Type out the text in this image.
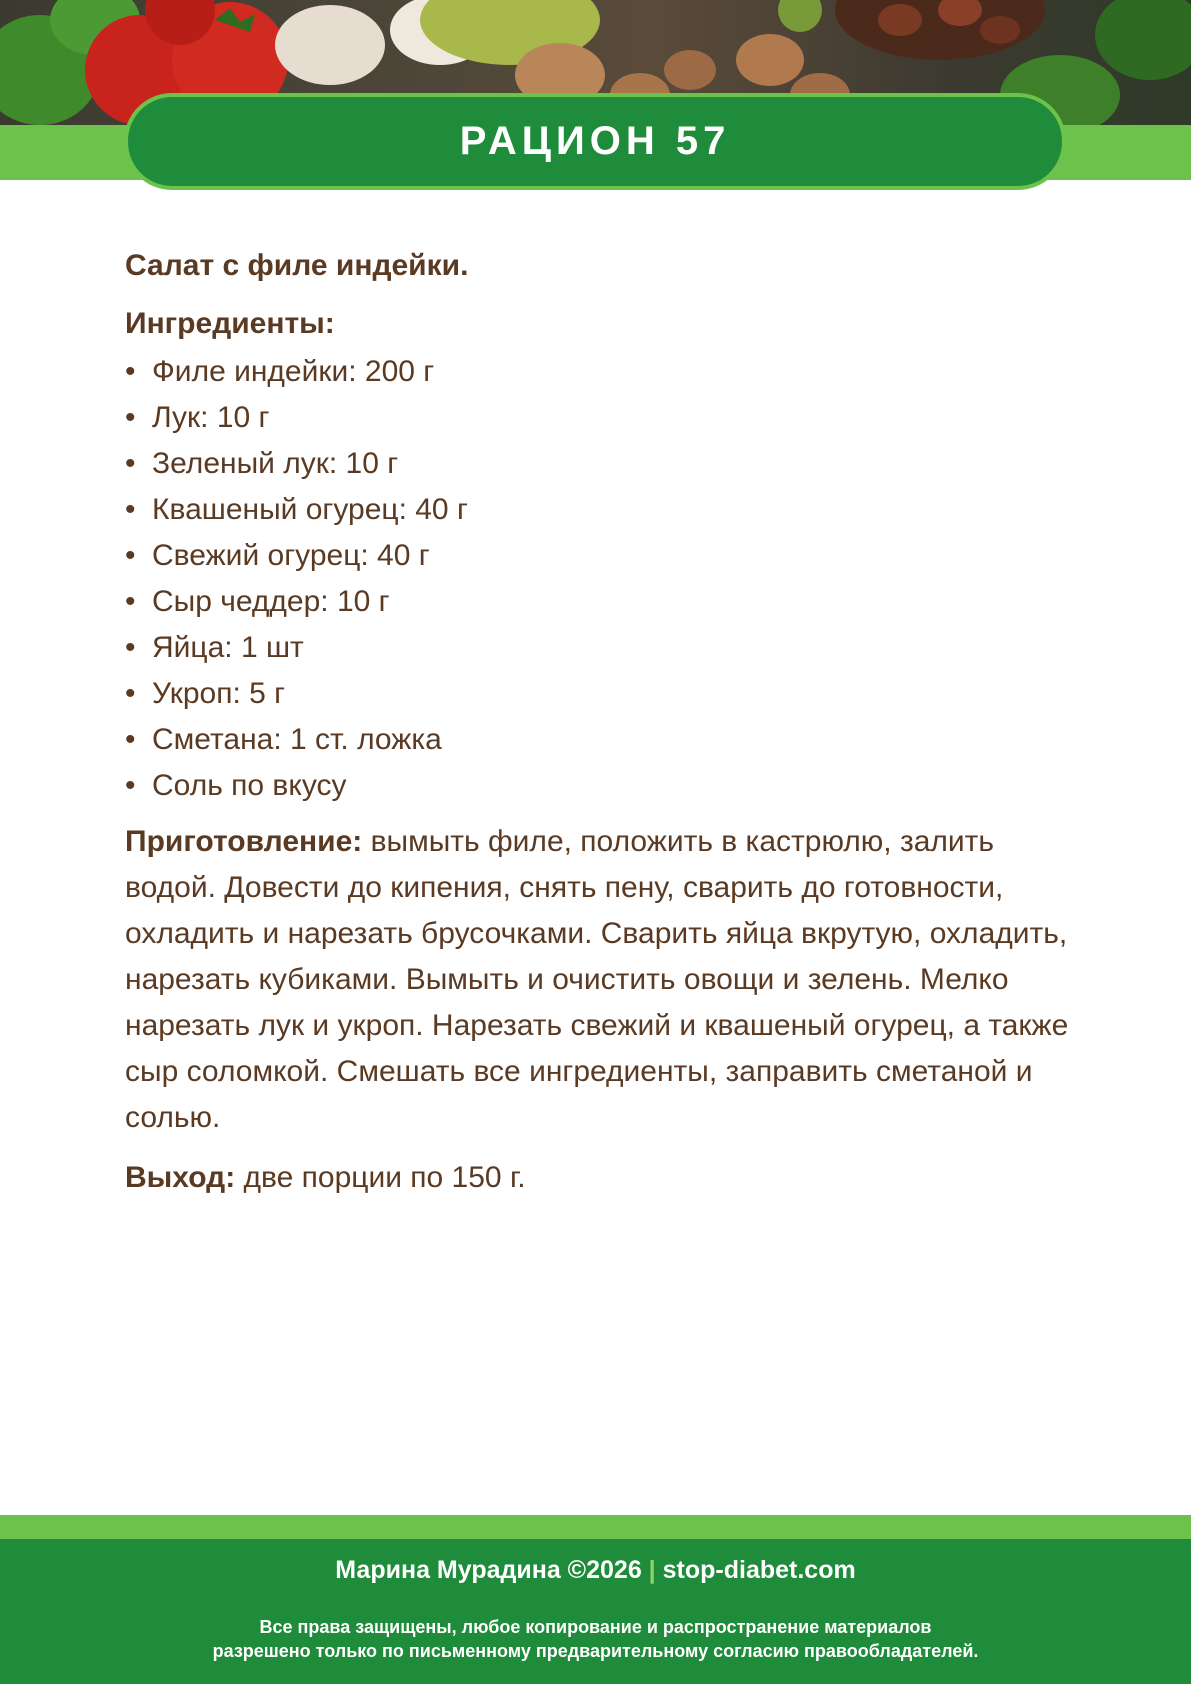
РАЦИОН 57
Салат с филе индейки.
Ингредиенты:
• Филе индейки: 200 г
• Лук: 10 г
• Зеленый лук: 10 г
• Квашеный огурец: 40 г
• Свежий огурец: 40 г
• Сыр чеддер: 10 г
• Яйца: 1 шт
• Укроп: 5 г
• Сметана: 1 ст. ложка
• Соль по вкусу

Приготовление: вымыть филе, положить в кастрюлю, залить водой. Довести до кипения, снять пену, сварить до готовности, охладить и нарезать брусочками. Сварить яйца вкрутую, охладить, нарезать кубиками. Вымыть и очистить овощи и зелень. Мелко нарезать лук и укроп. Нарезать свежий и квашеный огурец, а также сыр соломкой. Смешать все ингредиенты, заправить сметаной и солью.

Выход: две порции по 150 г.

Марина Мурадина ©2026 | stop-diabet.com
Все права защищены, любое копирование и распространение материалов
разрешено только по письменному предварительному согласию правообладателей.
